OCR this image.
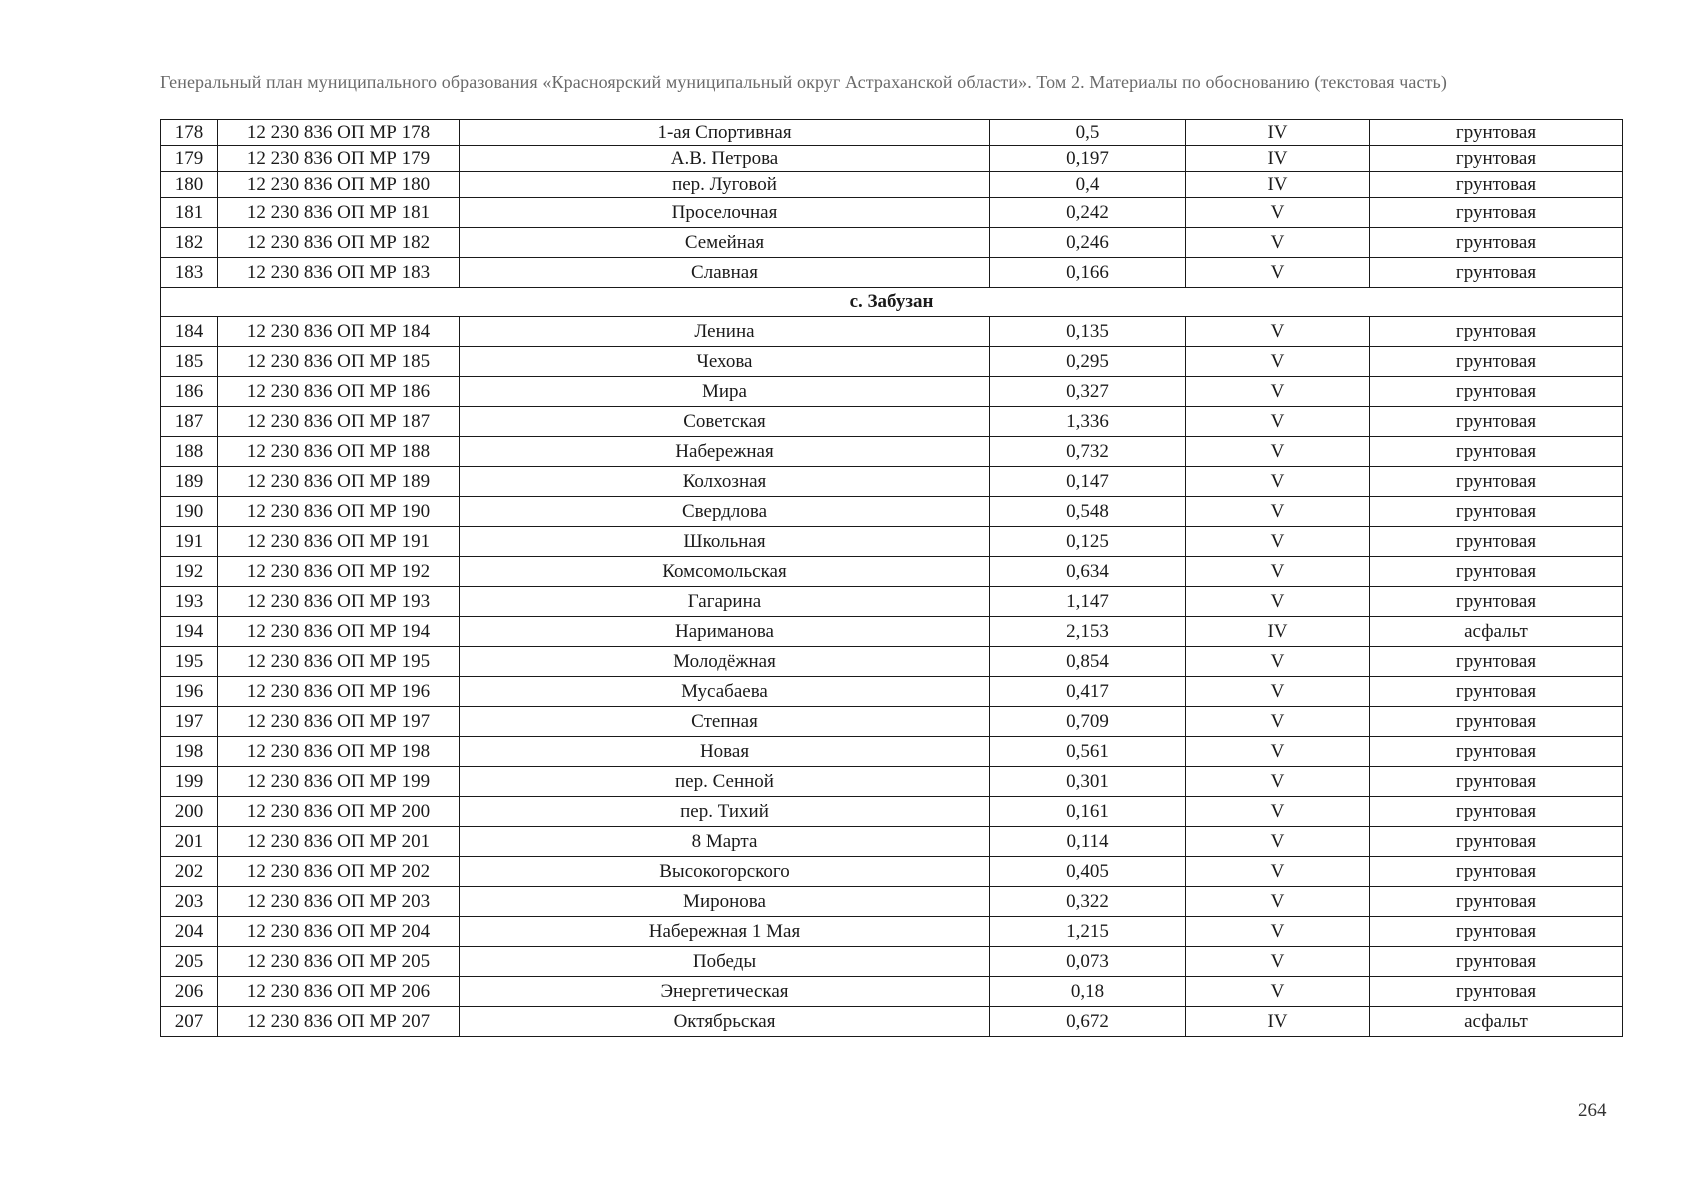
Генеральный план муниципального образования «Красноярский муниципальный округ Астраханской области». Том 2. Материалы по обоснованию (текстовая часть)
178	12 230 836 ОП МР 178	1-ая Спортивная	0,5	IV	грунтовая
179	12 230 836 ОП МР 179	А.В. Петрова	0,197	IV	грунтовая
180	12 230 836 ОП МР 180	пер. Луговой	0,4	IV	грунтовая
181	12 230 836 ОП МР 181	Проселочная	0,242	V	грунтовая
182	12 230 836 ОП МР 182	Семейная	0,246	V	грунтовая
183	12 230 836 ОП МР 183	Славная	0,166	V	грунтовая
с. Забузан					
184	12 230 836 ОП МР 184	Ленина	0,135	V	грунтовая
185	12 230 836 ОП МР 185	Чехова	0,295	V	грунтовая
186	12 230 836 ОП МР 186	Мира	0,327	V	грунтовая
187	12 230 836 ОП МР 187	Советская	1,336	V	грунтовая
188	12 230 836 ОП МР 188	Набережная	0,732	V	грунтовая
189	12 230 836 ОП МР 189	Колхозная	0,147	V	грунтовая
190	12 230 836 ОП МР 190	Свердлова	0,548	V	грунтовая
191	12 230 836 ОП МР 191	Школьная	0,125	V	грунтовая
192	12 230 836 ОП МР 192	Комсомольская	0,634	V	грунтовая
193	12 230 836 ОП МР 193	Гагарина	1,147	V	грунтовая
194	12 230 836 ОП МР 194	Нариманова	2,153	IV	асфальт
195	12 230 836 ОП МР 195	Молодёжная	0,854	V	грунтовая
196	12 230 836 ОП МР 196	Мусабаева	0,417	V	грунтовая
197	12 230 836 ОП МР 197	Степная	0,709	V	грунтовая
198	12 230 836 ОП МР 198	Новая	0,561	V	грунтовая
199	12 230 836 ОП МР 199	пер. Сенной	0,301	V	грунтовая
200	12 230 836 ОП МР 200	пер. Тихий	0,161	V	грунтовая
201	12 230 836 ОП МР 201	8 Марта	0,114	V	грунтовая
202	12 230 836 ОП МР 202	Высокогорского	0,405	V	грунтовая
203	12 230 836 ОП МР 203	Миронова	0,322	V	грунтовая
204	12 230 836 ОП МР 204	Набережная 1 Мая	1,215	V	грунтовая
205	12 230 836 ОП МР 205	Победы	0,073	V	грунтовая
206	12 230 836 ОП МР 206	Энергетическая	0,18	V	грунтовая
207	12 230 836 ОП МР 207	Октябрьская	0,672	IV	асфальт
264
